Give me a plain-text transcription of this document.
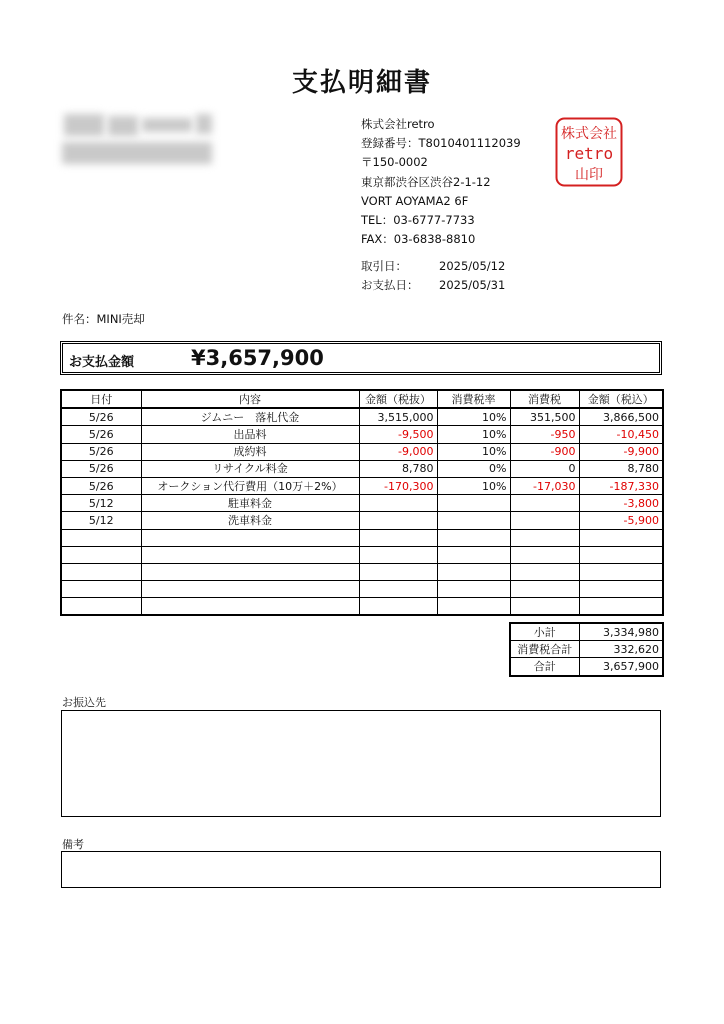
支払明細書
株式会社retro
登録番号：T8010401112039
〒150-0002
東京都渋谷区渋谷2-1-12
VORT AOYAMA2 6F
TEL：03-6777-7733
FAX：03-6838-8810
株式会社
retro
山印
取引日：	2025/05/12
お支払日：	2025/05/31
件名：MINI売却
お支払金額	¥3,657,900
日付	内容	金額（税抜）	消費税率	消費税	金額（税込）
5/26	ジムニー　落札代金	3,515,000	10%	351,500	3,866,500
5/26	出品料	-9,500	10%	-950	-10,450
5/26	成約料	-9,000	10%	-900	-9,900
5/26	リサイクル料金	8,780	0%	0	8,780
5/26	オークション代行費用（10万＋2%）	-170,300	10%	-17,030	-187,330
5/12	駐車料金				-3,800
5/12	洗車料金				-5,900

小計	3,334,980
消費税合計	332,620
合計	3,657,900
お振込先
備考
